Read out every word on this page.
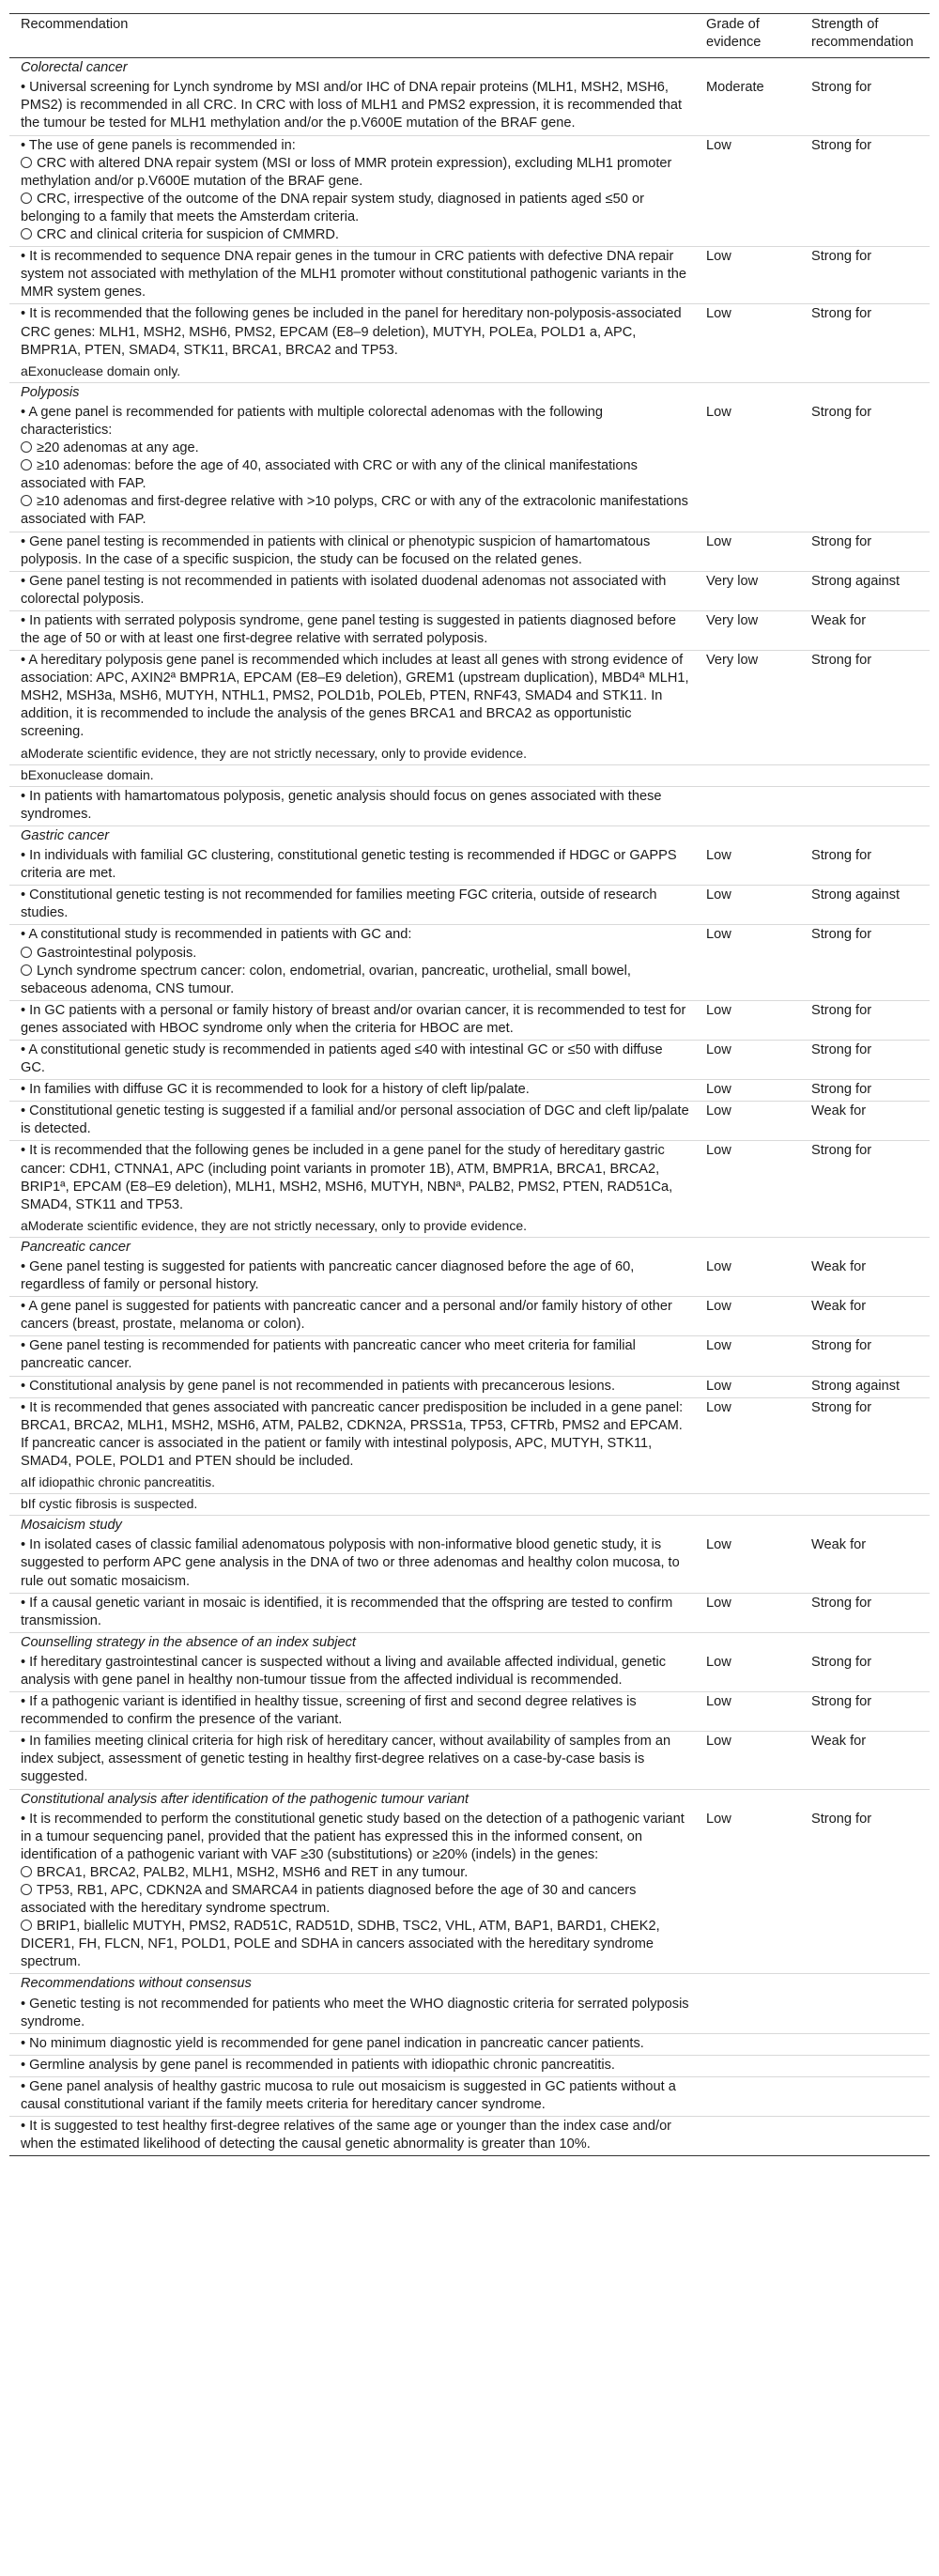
Recommendation	Grade of evidence	Strength of recommendation
Colorectal cancer		
• Universal screening for Lynch syndrome by MSI and/or IHC of DNA repair proteins (MLH1, MSH2, MSH6, PMS2) is recommended in all CRC. In CRC with loss of MLH1 and PMS2 expression, it is recommended that the tumour be tested for MLH1 methylation and/or the p.V600E mutation of the BRAF gene.	Moderate	Strong for
• The use of gene panels is recommended in:
CRC with altered DNA repair system (MSI or loss of MMR protein expression), excluding MLH1 promoter methylation and/or p.V600E mutation of the BRAF gene.
CRC, irrespective of the outcome of the DNA repair system study, diagnosed in patients aged ≤50 or belonging to a family that meets the Amsterdam criteria.
CRC and clinical criteria for suspicion of CMMRD.	Low	Strong for
• It is recommended to sequence DNA repair genes in the tumour in CRC patients with defective DNA repair system not associated with methylation of the MLH1 promoter without constitutional pathogenic variants in the MMR system genes.	Low	Strong for
• It is recommended that the following genes be included in the panel for hereditary non-polyposis-associated CRC genes: MLH1, MSH2, MSH6, PMS2, EPCAM (E8–9 deletion), MUTYH, POLEa, POLD1 a, APC, BMPR1A, PTEN, SMAD4, STK11, BRCA1, BRCA2 and TP53.	Low	Strong for
aExonuclease domain only.		
Polyposis		
• A gene panel is recommended for patients with multiple colorectal adenomas with the following characteristics:
≥20 adenomas at any age.
≥10 adenomas: before the age of 40, associated with CRC or with any of the clinical manifestations associated with FAP.
≥10 adenomas and first-degree relative with >10 polyps, CRC or with any of the extracolonic manifestations associated with FAP.	Low	Strong for
• Gene panel testing is recommended in patients with clinical or phenotypic suspicion of hamartomatous polyposis. In the case of a specific suspicion, the study can be focused on the related genes.	Low	Strong for
• Gene panel testing is not recommended in patients with isolated duodenal adenomas not associated with colorectal polyposis.	Very low	Strong against
• In patients with serrated polyposis syndrome, gene panel testing is suggested in patients diagnosed before the age of 50 or with at least one first-degree relative with serrated polyposis.	Very low	Weak for
• A hereditary polyposis gene panel is recommended which includes at least all genes with strong evidence of association: APC, AXIN2ª BMPR1A, EPCAM (E8–E9 deletion), GREM1 (upstream duplication), MBD4ª MLH1, MSH2, MSH3a, MSH6, MUTYH, NTHL1, PMS2, POLD1b, POLEb, PTEN, RNF43, SMAD4 and STK11. In addition, it is recommended to include the analysis of the genes BRCA1 and BRCA2 as opportunistic screening.	Very low	Strong for
aModerate scientific evidence, they are not strictly necessary, only to provide evidence.		
bExonuclease domain.		
• In patients with hamartomatous polyposis, genetic analysis should focus on genes associated with these syndromes.		
Gastric cancer		
• In individuals with familial GC clustering, constitutional genetic testing is recommended if HDGC or GAPPS criteria are met.	Low	Strong for
• Constitutional genetic testing is not recommended for families meeting FGC criteria, outside of research studies.	Low	Strong against
• A constitutional study is recommended in patients with GC and:
Gastrointestinal polyposis.
Lynch syndrome spectrum cancer: colon, endometrial, ovarian, pancreatic, urothelial, small bowel, sebaceous adenoma, CNS tumour.	Low	Strong for
• In GC patients with a personal or family history of breast and/or ovarian cancer, it is recommended to test for genes associated with HBOC syndrome only when the criteria for HBOC are met.	Low	Strong for
• A constitutional genetic study is recommended in patients aged ≤40 with intestinal GC or ≤50 with diffuse GC.	Low	Strong for
• In families with diffuse GC it is recommended to look for a history of cleft lip/palate.	Low	Strong for
• Constitutional genetic testing is suggested if a familial and/or personal association of DGC and cleft lip/palate is detected.	Low	Weak for
• It is recommended that the following genes be included in a gene panel for the study of hereditary gastric cancer: CDH1, CTNNA1, APC (including point variants in promoter 1B), ATM, BMPR1A, BRCA1, BRCA2, BRIP1ª, EPCAM (E8–E9 deletion), MLH1, MSH2, MSH6, MUTYH, NBNª, PALB2, PMS2, PTEN, RAD51Ca, SMAD4, STK11 and TP53.	Low	Strong for
aModerate scientific evidence, they are not strictly necessary, only to provide evidence.		
Pancreatic cancer		
• Gene panel testing is suggested for patients with pancreatic cancer diagnosed before the age of 60, regardless of family or personal history.	Low	Weak for
• A gene panel is suggested for patients with pancreatic cancer and a personal and/or family history of other cancers (breast, prostate, melanoma or colon).	Low	Weak for
• Gene panel testing is recommended for patients with pancreatic cancer who meet criteria for familial pancreatic cancer.	Low	Strong for
• Constitutional analysis by gene panel is not recommended in patients with precancerous lesions.	Low	Strong against
• It is recommended that genes associated with pancreatic cancer predisposition be included in a gene panel: BRCA1, BRCA2, MLH1, MSH2, MSH6, ATM, PALB2, CDKN2A, PRSS1a, TP53, CFTRb, PMS2 and EPCAM. If pancreatic cancer is associated in the patient or family with intestinal polyposis, APC, MUTYH, STK11, SMAD4, POLE, POLD1 and PTEN should be included.	Low	Strong for
aIf idiopathic chronic pancreatitis.		
bIf cystic fibrosis is suspected.		
Mosaicism study		
• In isolated cases of classic familial adenomatous polyposis with non-informative blood genetic study, it is suggested to perform APC gene analysis in the DNA of two or three adenomas and healthy colon mucosa, to rule out somatic mosaicism.	Low	Weak for
• If a causal genetic variant in mosaic is identified, it is recommended that the offspring are tested to confirm transmission.	Low	Strong for
Counselling strategy in the absence of an index subject		
• If hereditary gastrointestinal cancer is suspected without a living and available affected individual, genetic analysis with gene panel in healthy non-tumour tissue from the affected individual is recommended.	Low	Strong for
• If a pathogenic variant is identified in healthy tissue, screening of first and second degree relatives is recommended to confirm the presence of the variant.	Low	Strong for
• In families meeting clinical criteria for high risk of hereditary cancer, without availability of samples from an index subject, assessment of genetic testing in healthy first-degree relatives on a case-by-case basis is suggested.	Low	Weak for
Constitutional analysis after identification of the pathogenic tumour variant		
• It is recommended to perform the constitutional genetic study based on the detection of a pathogenic variant in a tumour sequencing panel, provided that the patient has expressed this in the informed consent, on identification of a pathogenic variant with VAF ≥30 (substitutions) or ≥20% (indels) in the genes:
BRCA1, BRCA2, PALB2, MLH1, MSH2, MSH6 and RET in any tumour.
TP53, RB1, APC, CDKN2A and SMARCA4 in patients diagnosed before the age of 30 and cancers associated with the hereditary syndrome spectrum.
BRIP1, biallelic MUTYH, PMS2, RAD51C, RAD51D, SDHB, TSC2, VHL, ATM, BAP1, BARD1, CHEK2, DICER1, FH, FLCN, NF1, POLD1, POLE and SDHA in cancers associated with the hereditary syndrome spectrum.	Low	Strong for
Recommendations without consensus		
• Genetic testing is not recommended for patients who meet the WHO diagnostic criteria for serrated polyposis syndrome.		
• No minimum diagnostic yield is recommended for gene panel indication in pancreatic cancer patients.		
• Germline analysis by gene panel is recommended in patients with idiopathic chronic pancreatitis.		
• Gene panel analysis of healthy gastric mucosa to rule out mosaicism is suggested in GC patients without a causal constitutional variant if the family meets criteria for hereditary cancer syndrome.		
• It is suggested to test healthy first-degree relatives of the same age or younger than the index case and/or when the estimated likelihood of detecting the causal genetic abnormality is greater than 10%.		
